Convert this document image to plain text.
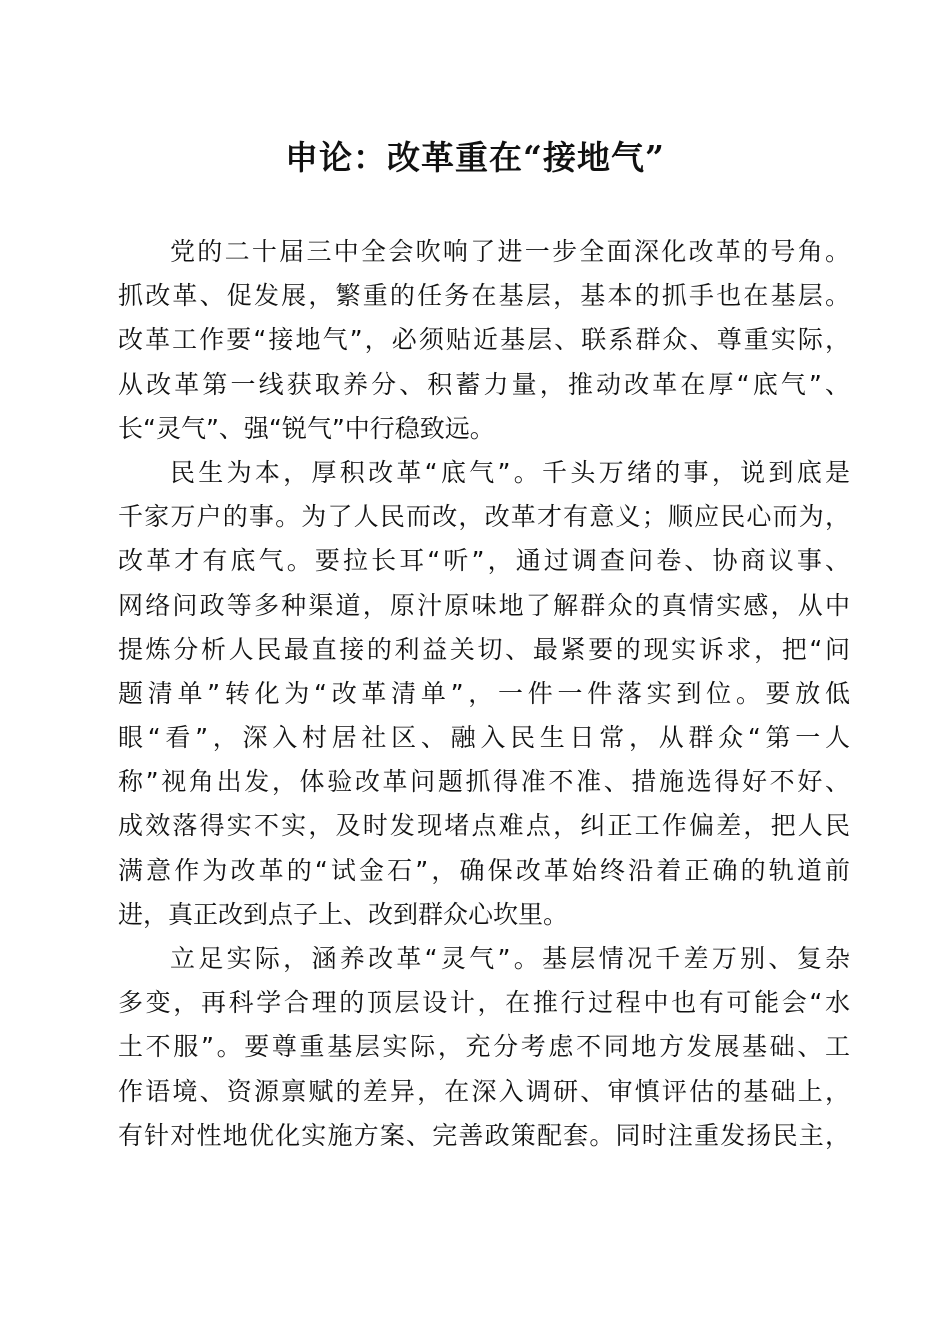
申论：改革重在“接地气”
党的二十届三中全会吹响了进一步全面深化改革的号角。
抓改革、促发展，繁重的任务在基层，基本的抓手也在基层。
改革工作要“接地气”，必须贴近基层、联系群众、尊重实际，
从改革第一线获取养分、积蓄力量，推动改革在厚“底气”、
长“灵气”、强“锐气”中行稳致远。
民生为本，厚积改革“底气”。千头万绪的事，说到底是
千家万户的事。为了人民而改，改革才有意义；顺应民心而为，
改革才有底气。要拉长耳“听”，通过调查问卷、协商议事、
网络问政等多种渠道，原汁原味地了解群众的真情实感，从中
提炼分析人民最直接的利益关切、最紧要的现实诉求，把“问
题清单”转化为“改革清单”，一件一件落实到位。要放低
眼“看”，深入村居社区、融入民生日常，从群众“第一人
称”视角出发，体验改革问题抓得准不准、措施选得好不好、
成效落得实不实，及时发现堵点难点，纠正工作偏差，把人民
满意作为改革的“试金石”，确保改革始终沿着正确的轨道前
进，真正改到点子上、改到群众心坎里。
立足实际，涵养改革“灵气”。基层情况千差万别、复杂
多变，再科学合理的顶层设计，在推行过程中也有可能会“水
土不服”。要尊重基层实际，充分考虑不同地方发展基础、工
作语境、资源禀赋的差异，在深入调研、审慎评估的基础上，
有针对性地优化实施方案、完善政策配套。同时注重发扬民主，
